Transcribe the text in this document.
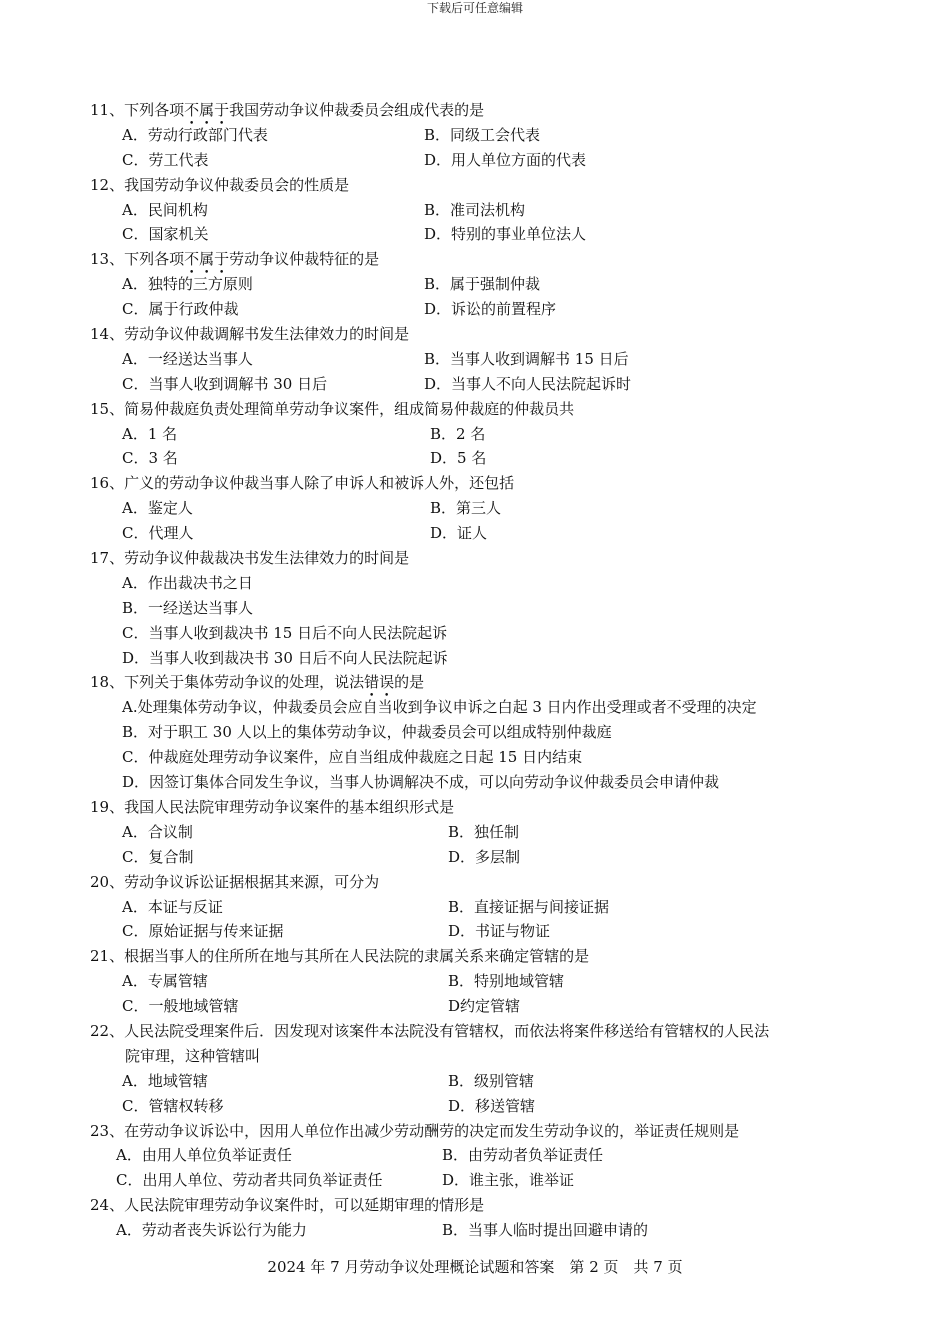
下载后可任意编辑
11、下列各项不属于我国劳动争议仲裁委员会组成代表的是
A．劳动行政部门代表	B．同级工会代表
C．劳工代表	D．用人单位方面的代表
12、我国劳动争议仲裁委员会的性质是
A．民间机构	B．准司法机构
C．国家机关	D．特别的事业单位法人
13、下列各项不属于劳动争议仲裁特征的是
A．独特的三方原则	B．属于强制仲裁
C．属于行政仲裁	D．诉讼的前置程序
14、劳动争议仲裁调解书发生法律效力的时间是
A．一经送达当事人	B．当事人收到调解书 15 日后
C．当事人收到调解书 30 日后	D．当事人不向人民法院起诉时
15、简易仲裁庭负责处理简单劳动争议案件，组成简易仲裁庭的仲裁员共
A．1 名	B．2 名
C．3 名	D．5 名
16、广义的劳动争议仲裁当事人除了申诉人和被诉人外，还包括
A．鉴定人	B．第三人
C．代理人	D．证人
17、劳动争议仲裁裁决书发生法律效力的时间是
A．作出裁决书之日
B．一经送达当事人
C．当事人收到裁决书 15 日后不向人民法院起诉
D．当事人收到裁决书 30 日后不向人民法院起诉
18、下列关于集体劳动争议的处理，说法错误的是
A.处理集体劳动争议，仲裁委员会应自当收到争议申诉之白起 3 日内作出受理或者不受理的决定
B．对于职工 30 人以上的集体劳动争议，仲裁委员会可以组成特别仲裁庭
C．仲裁庭处理劳动争议案件，应自当组成仲裁庭之日起 15 日内结束
D．因签订集体合同发生争议，当事人协调解决不成，可以向劳动争议仲裁委员会申请仲裁
19、我国人民法院审理劳动争议案件的基本组织形式是
A．合议制	B．独任制
C．复合制	D．多层制
20、劳动争议诉讼证据根据其来源，可分为
A．本证与反证	B．直接证据与间接证据
C．原始证据与传来证据	D．书证与物证
21、根据当事人的住所所在地与其所在人民法院的隶属关系来确定管辖的是
A．专属管辖	B．特别地域管辖
C．一般地域管辖	D约定管辖
22、人民法院受理案件后．因发现对该案件本法院没有管辖权，而依法将案件移送给有管辖权的人民法
院审理，这种管辖叫
A．地域管辖	B．级别管辖
C．管辖权转移	D．移送管辖
23、在劳动争议诉讼中，因用人单位作出减少劳动酬劳的决定而发生劳动争议的，举证责任规则是
A．由用人单位负举证责任	B．由劳动者负举证责任
C．出用人单位、劳动者共同负举证责任	D．谁主张，谁举证
24、人民法院审理劳动争议案件时，可以延期审理的情形是
A．劳动者丧失诉讼行为能力	B．当事人临时提出回避申请的
2024 年 7 月劳动争议处理概论试题和答案　第 2 页　共 7 页
